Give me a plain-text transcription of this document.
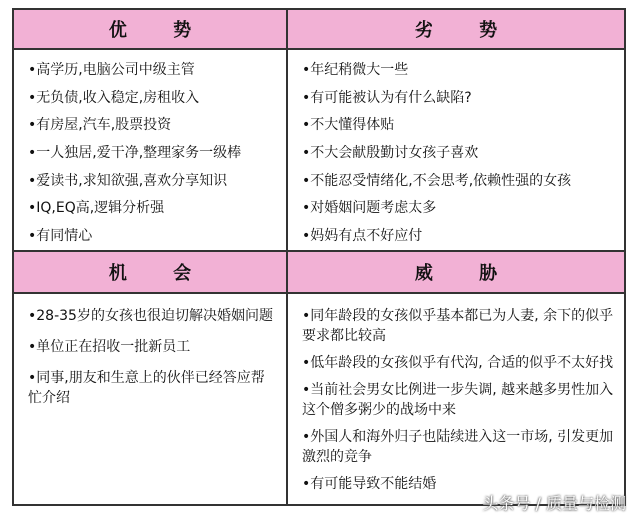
优 势
•高学历,电脑公司中级主管
•无负债,收入稳定,房租收入
•有房屋,汽车,股票投资
•一人独居,爱干净,整理家务一级棒
•爱读书,求知欲强,喜欢分享知识
•IQ,EQ高,逻辑分析强
•有同情心
劣 势
•年纪稍微大一些
•有可能被认为有什么缺陷?
•不大懂得体贴
•不大会献殷勤讨女孩子喜欢
•不能忍受情绪化,不会思考,依赖性强的女孩
•对婚姻问题考虑太多
•妈妈有点不好应付
机 会
•28-35岁的女孩也很迫切解决婚姻问题
•单位正在招收一批新员工
•同事,朋友和生意上的伙伴已经答应帮忙介绍
威 胁
•同年龄段的女孩似乎基本都已为人妻, 余下的似乎要求都比较高
•低年龄段的女孩似乎有代沟, 合适的似乎不太好找
•当前社会男女比例进一步失调, 越来越多男性加入这个僧多粥少的战场中来
•外国人和海外归子也陆续进入这一市场, 引发更加激烈的竞争
•有可能导致不能结婚
头条号 / 质量与检测
